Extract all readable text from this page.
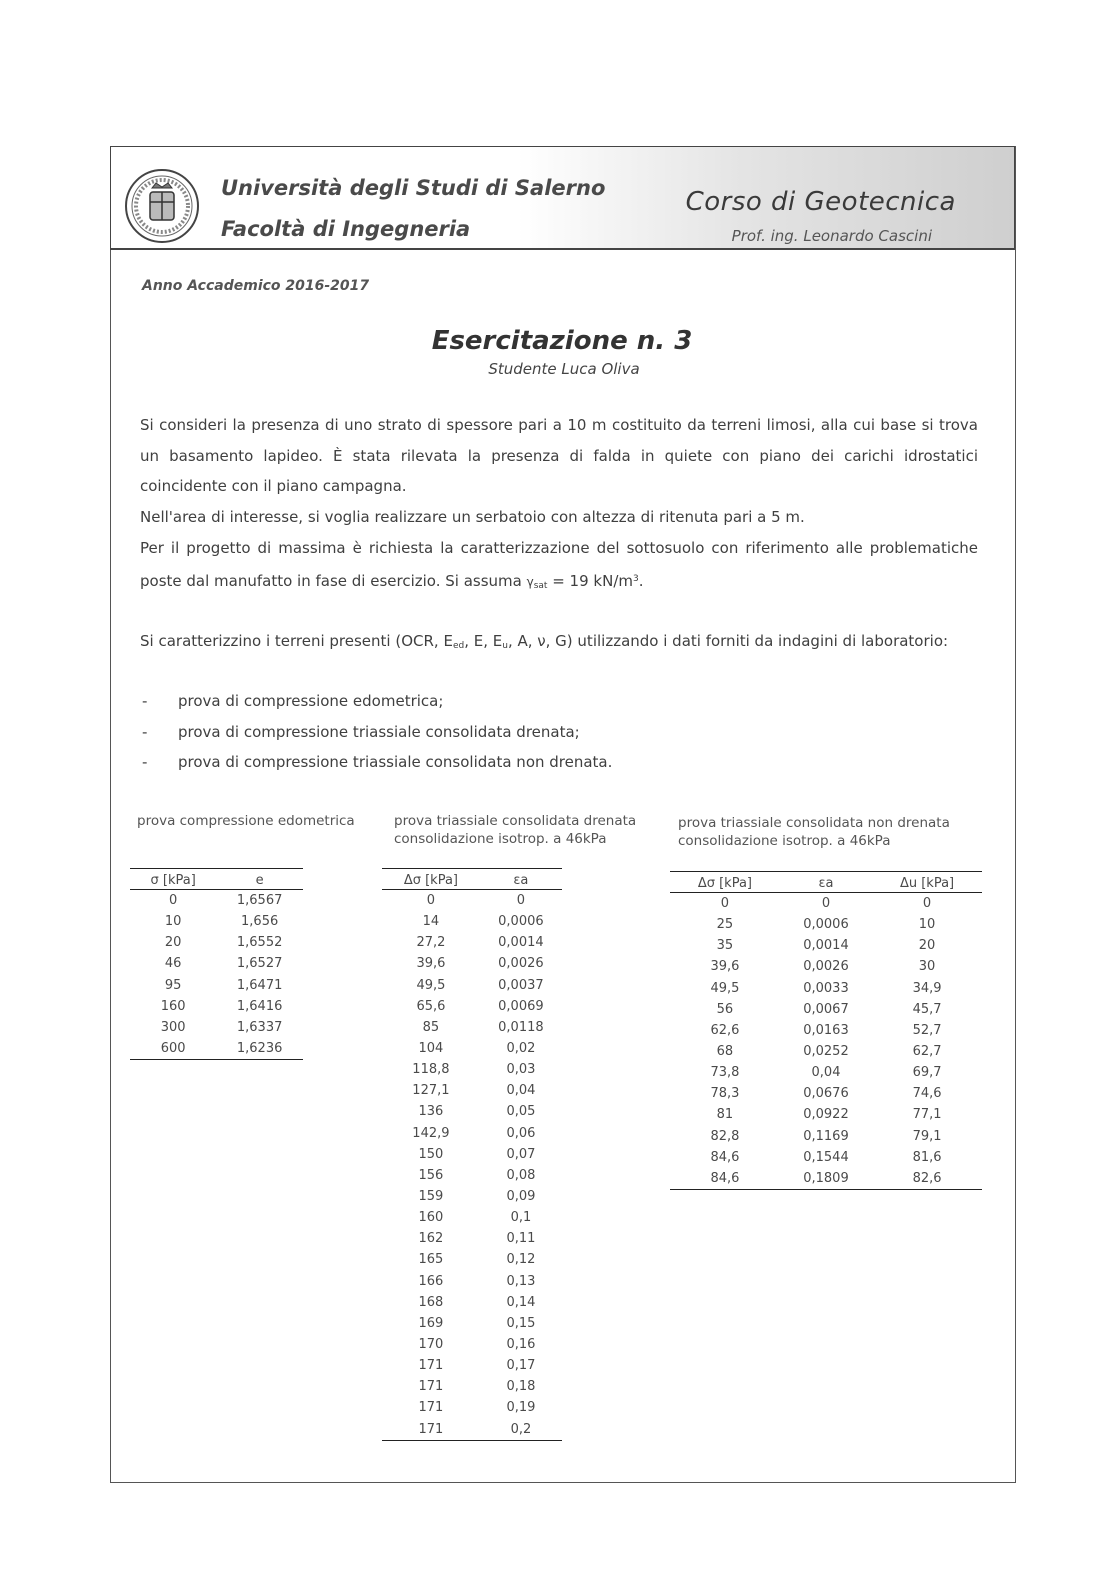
Università degli Studi di Salerno
Facoltà di Ingegneria
Corso di Geotecnica
Prof. ing. Leonardo Cascini
Anno Accademico 2016-2017
Esercitazione n. 3
Studente Luca Oliva

Si consideri la presenza di uno strato di spessore pari a 10 m costituito da terreni limosi, alla cui base si trova un basamento lapideo. È stata rilevata la presenza di falda in quiete con piano dei carichi idrostatici coincidente con il piano campagna.

Nell'area di interesse, si voglia realizzare un serbatoio con altezza di ritenuta pari a 5 m.

Per il progetto di massima è richiesta la caratterizzazione del sottosuolo con riferimento alle problematiche poste dal manufatto in fase di esercizio. Si assuma $\gamma_{sat} = 19$ $kN/m^3$.

Si caratterizzino i terreni presenti (OCR, $E_{ed}$, E, $E_u$, A, ν, G) utilizzando i dati forniti da indagini di laboratorio:

- prova di compressione edometrica;
- prova di compressione triassiale consolidata drenata;
- prova di compressione triassiale consolidata non drenata.
prova compressione edometrica	prova triassiale consolidata drenata
consolidazione isotrop. a 46kPa
prova triassiale consolidata non drenata
consolidazione isotrop. a 46kPa
σ [kPa]	e
0	1,6567
10	1,656
20	1,6552
46	1,6527
95	1,6471
160	1,6416
300	1,6337
600	1,6236
Δσ [kPa]	εa
0	0
14	0,0006
27,2	0,0014
39,6	0,0026
49,5	0,0037
65,6	0,0069
85	0,0118
104	0,02
118,8	0,03
127,1	0,04
136	0,05
142,9	0,06
150	0,07
156	0,08
159	0,09
160	0,1
162	0,11
165	0,12
166	0,13
168	0,14
169	0,15
170	0,16
171	0,17
171	0,18
171	0,19
171	0,2
Δσ [kPa]	εa	Δu [kPa]
0	0	0
25	0,0006	10
35	0,0014	20
39,6	0,0026	30
49,5	0,0033	34,9
56	0,0067	45,7
62,6	0,0163	52,7
68	0,0252	62,7
73,8	0,04	69,7
78,3	0,0676	74,6
81	0,0922	77,1
82,8	0,1169	79,1
84,6	0,1544	81,6
84,6	0,1809	82,6
